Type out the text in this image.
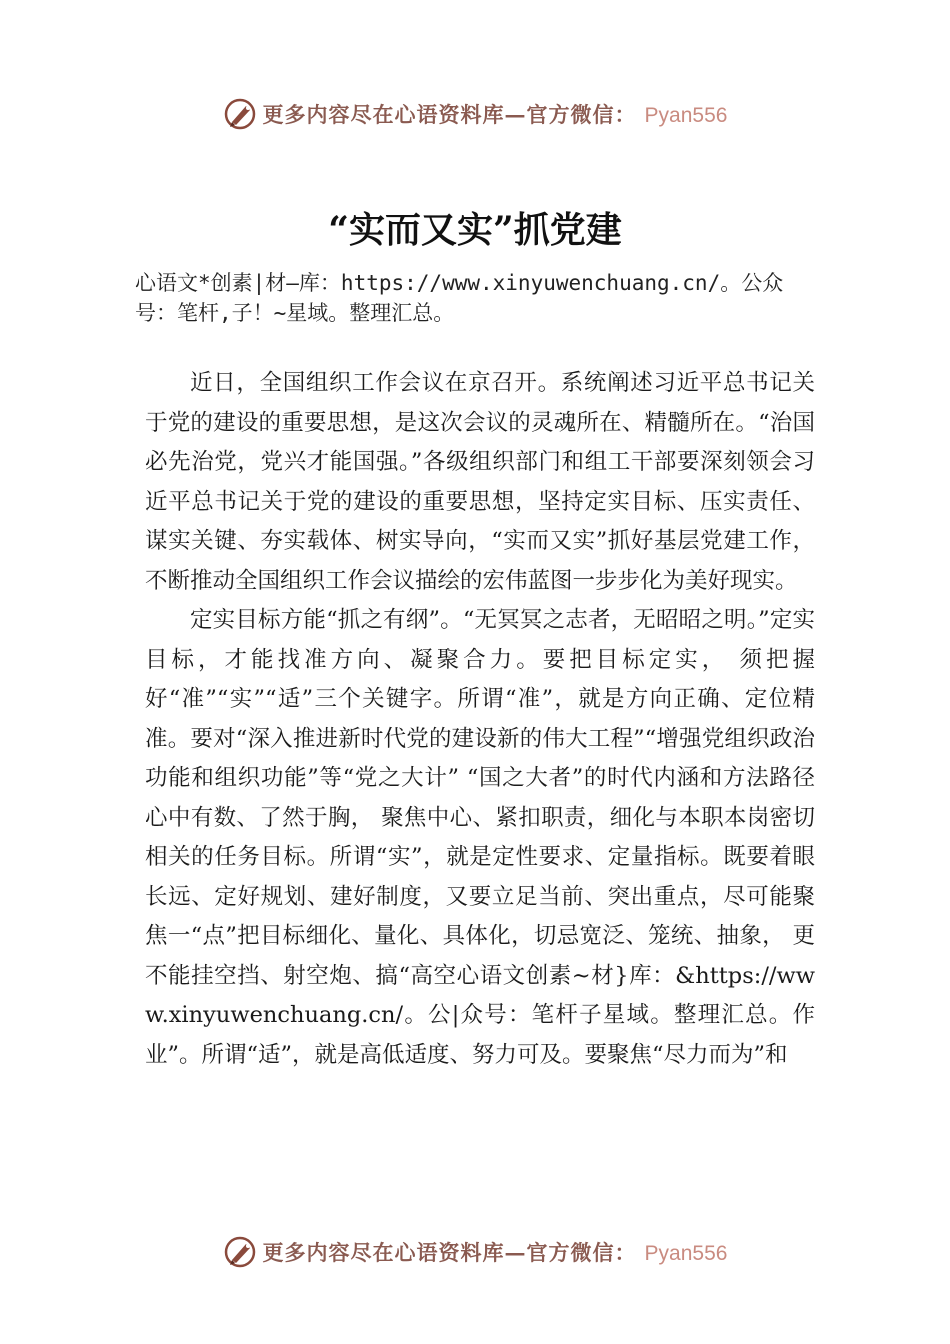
更多内容尽在心语资料库—官方微信： Pyan556
“实而又实”抓党建
心语文*创素|材—库：https://www.xinyuwenchuang.cn/。公众号：笔杆,子！~星域。整理汇总。

近日，全国组织工作会议在京召开。系统阐述习近平总书记关于党的建设的重要思想，是这次会议的灵魂所在、精髓所在。“治国必先治党，党兴才能国强。”各级组织部门和组工干部要深刻领会习近平总书记关于党的建设的重要思想，坚持定实目标、压实责任、谋实关键、夯实载体、树实导向，“实而又实”抓好基层党建工作，不断推动全国组织工作会议描绘的宏伟蓝图一步步化为美好现实。

定实目标方能“抓之有纲”。“无冥冥之志者，无昭昭之明。”定实目标，才能找准方向、凝聚合力。要把目标定实， 须把握好“准”“实”“适”三个关键字。所谓“准”，就是方向正确、定位精准。要对“深入推进新时代党的建设新的伟大工程”“增强党组织政治功能和组织功能”等“党之大计” “国之大者”的时代内涵和方法路径心中有数、了然于胸， 聚焦中心、紧扣职责，细化与本职本岗密切相关的任务目标。所谓“实”，就是定性要求、定量指标。既要着眼长远、定好规划、建好制度，又要立足当前、突出重点，尽可能聚焦一“点”把目标细化、量化、具体化，切忌宽泛、笼统、抽象， 更不能挂空挡、射空炮、搞“高空心语文创素~材}库：&https://www.xinyuwenchuang.cn/。公|众号：笔杆子星域。整理汇总。作业”。所谓“适”，就是高低适度、努力可及。要聚焦“尽力而为”和

更多内容尽在心语资料库—官方微信： Pyan556
